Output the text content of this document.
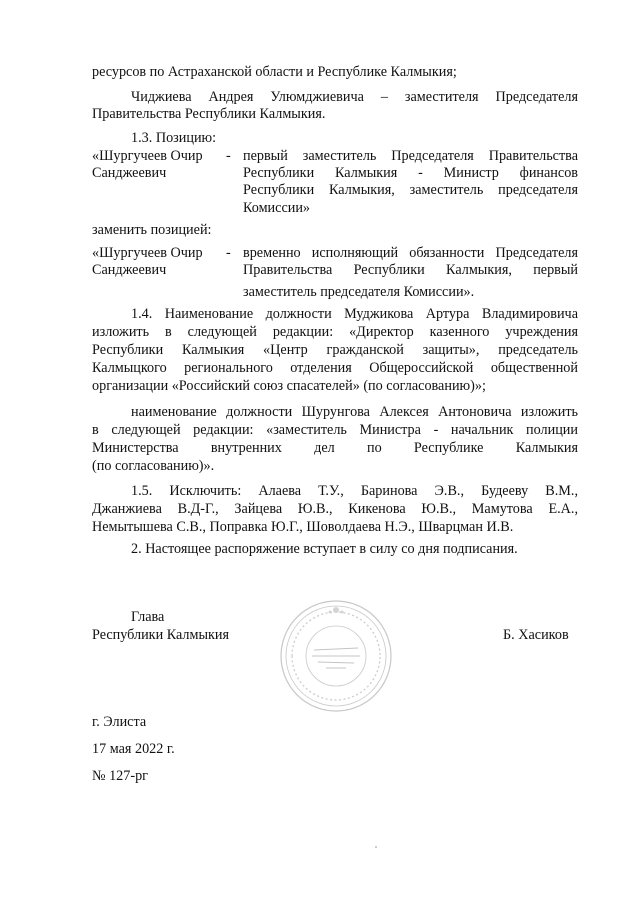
ресурсов по Астраханской области и Республике Калмыкия;
Чиджиева Андрея Улюмджиевича – заместителя Председателя
Правительства Республики Калмыкия.
1.3. Позицию:
«Шургучеев Очир
Санджеевич
- первый заместитель Председателя Правительства
Республики Калмыкия - Министр финансов
Республики Калмыкия, заместитель председателя
Комиссии»
заменить позицией:
«Шургучеев Очир
Санджеевич
- временно исполняющий обязанности Председателя
Правительства Республики Калмыкия, первый
заместитель председателя Комиссии».
1.4. Наименование должности Муджикова Артура Владимировича
изложить в следующей редакции: «Директор казенного учреждения
Республики Калмыкия «Центр гражданской защиты», председатель
Калмыцкого регионального отделения Общероссийской общественной
организации «Российский союз спасателей» (по согласованию)»;
наименование должности Шурунгова Алексея Антоновича изложить
в следующей редакции: «заместитель Министра - начальник полиции
Министерства внутренних дел по Республике Калмыкия
(по согласованию)».
1.5. Исключить: Алаева Т.У., Баринова Э.В., Будееву В.М.,
Джанжиева В.Д-Г., Зайцева Ю.В., Кикенова Ю.В., Мамутова Е.А.,
Немытышева С.В., Поправка Ю.Г., Шоволдаева Н.Э., Шварцман И.В.
2. Настоящее распоряжение вступает в силу со дня подписания.
Глава
Республики Калмыкия	Б. Хасиков
г. Элиста
17 мая 2022 г.
№ 127-рг
